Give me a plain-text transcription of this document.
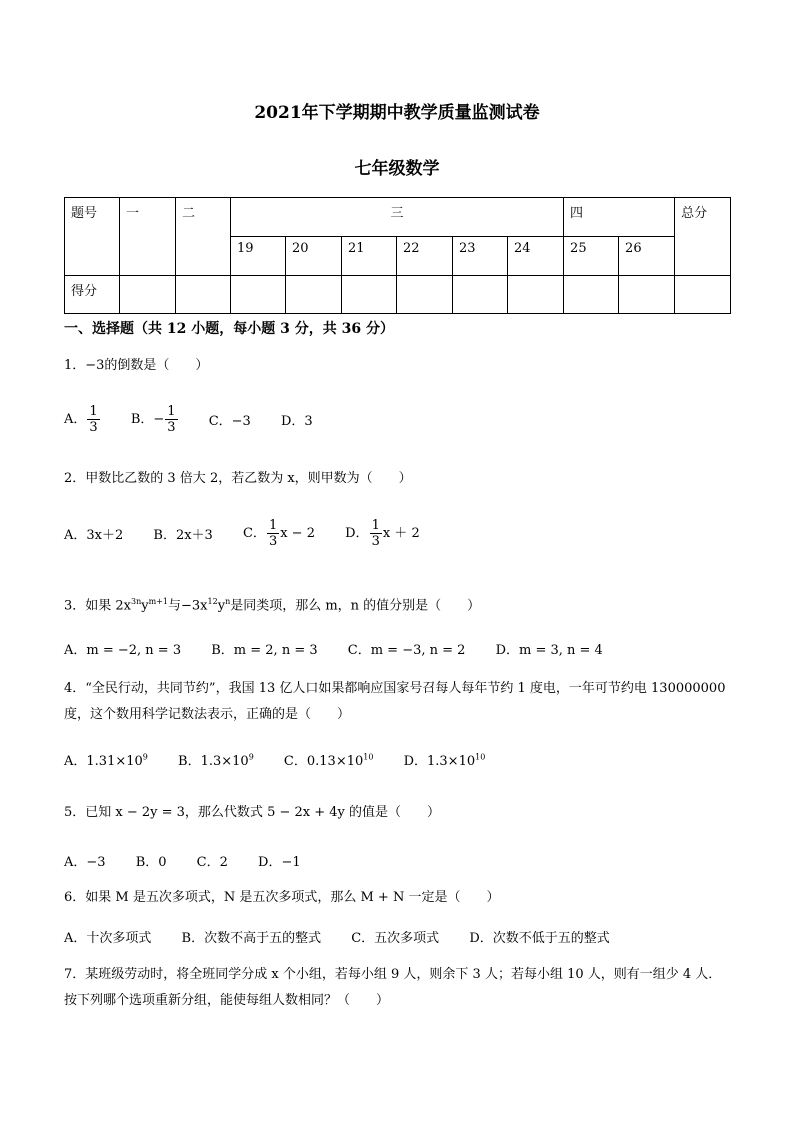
2021年下学期期中教学质量监测试卷
七年级数学
题号	一	二	三						四		总分
			19	20	21	22	23	24	25	26	
得分											
一、选择题（共 12 小题，每小题 3 分，共 36 分）
1．−3的倒数是（　　）
A． $\frac{1}{3}$ B．− $\frac{1}{3}$ C．−3 D．3
2．甲数比乙数的 3 倍大 2，若乙数为 x，则甲数为（　　）
A．3x＋2 B．2x＋3 C． $\frac{1}{3}$ x − 2 D． $\frac{1}{3}$ x ＋ 2
3．如果 $2x^{3n}y^{m+1}$与$-3x^{12}y^n$是同类项，那么 m，n 的值分别是（　　）
A．m = −2, n = 3 B．m = 2, n = 3 C．m = −3, n = 2 D．m = 3, n = 4
4．“全民行动，共同节约”，我国 13 亿人口如果都响应国家号召每人每年节约 1 度电，一年可节约电 130000000 度，这个数用科学记数法表示，正确的是（　　）
A．$1.31\times 10^9$ B．$1.3\times 10^9$ C．$0.13\times 10^{10}$ D．$1.3\times 10^{10}$
5．已知 x − 2y = 3，那么代数式 5 − 2x + 4y 的值是（　　）
A．−3 B．0 C．2 D．−1
6．如果 M 是五次多项式，N 是五次多项式，那么 M + N 一定是（　　）
A．十次多项式 B．次数不高于五的整式 C．五次多项式 D．次数不低于五的整式
7．某班级劳动时，将全班同学分成 x 个小组，若每小组 9 人，则余下 3 人；若每小组 10 人，则有一组少 4 人．按下列哪个选项重新分组，能使每组人数相同？（　　）
